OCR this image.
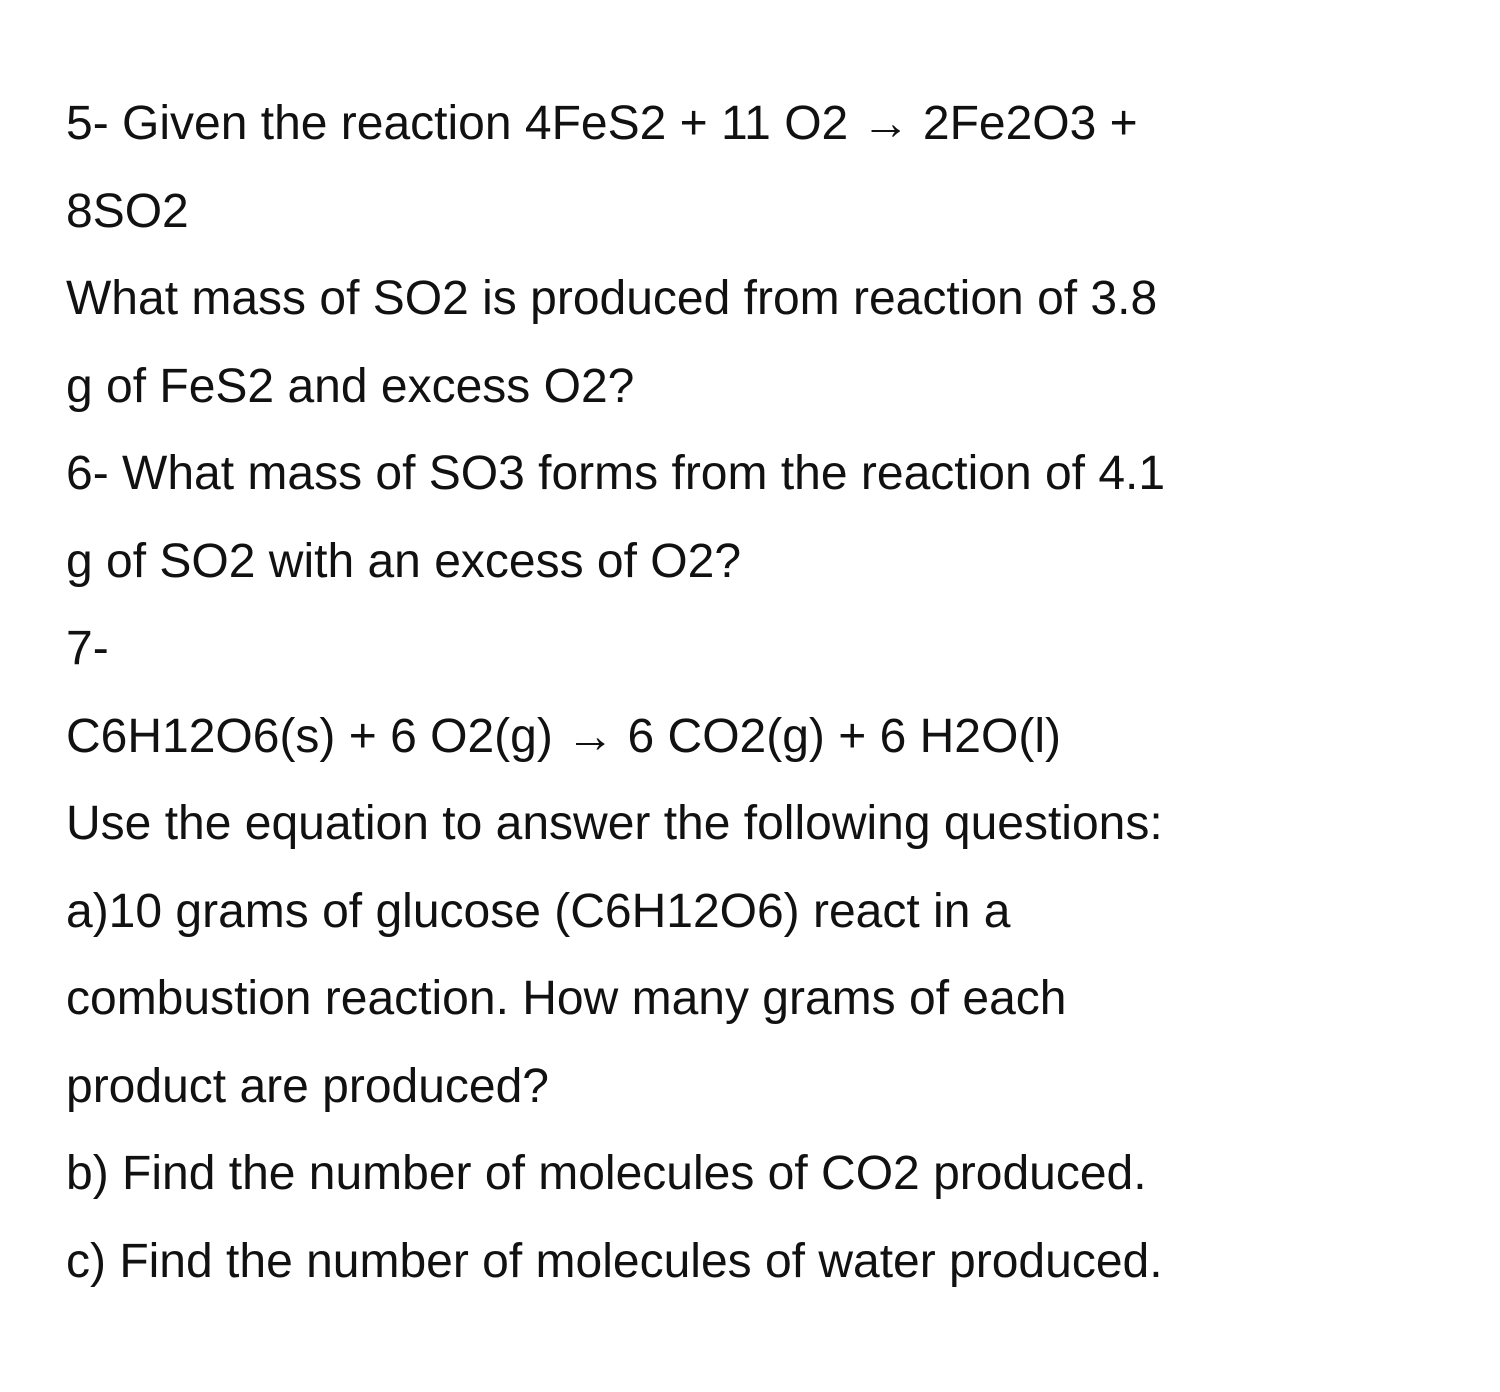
5- Given the reaction 4FeS2 + 11 O2 → 2Fe2O3 +
8SO2
What mass of SO2 is produced from reaction of 3.8
g of FeS2 and excess O2?
6- What mass of SO3 forms from the reaction of 4.1
g of SO2 with an excess of O2?
7-
C6H12O6(s) + 6 O2(g) → 6 CO2(g) + 6 H2O(l)
Use the equation to answer the following questions:
a)10 grams of glucose (C6H12O6) react in a
combustion reaction. How many grams of each
product are produced?
b) Find the number of molecules of CO2 produced.
c) Find the number of molecules of water produced.
